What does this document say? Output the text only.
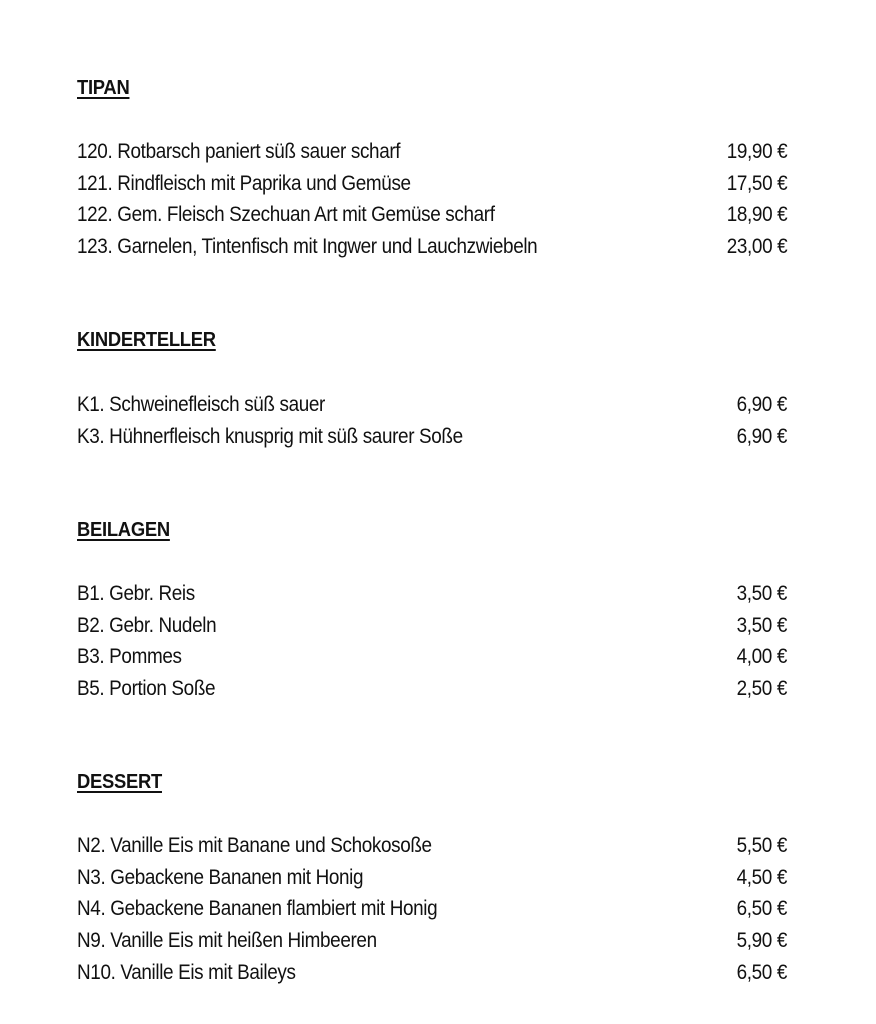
TIPAN
120. Rotbarsch paniert süß sauer scharf	19,90 €
121. Rindfleisch mit Paprika und Gemüse	17,50 €
122. Gem. Fleisch Szechuan Art mit Gemüse scharf	18,90 €
123. Garnelen, Tintenfisch mit Ingwer und Lauchzwiebeln	23,00 €
KINDERTELLER
K1. Schweinefleisch süß sauer	6,90 €
K3. Hühnerfleisch knusprig mit süß saurer Soße	6,90 €
BEILAGEN
B1. Gebr. Reis	3,50 €
B2. Gebr. Nudeln	3,50 €
B3. Pommes	4,00 €
B5. Portion Soße	2,50 €
DESSERT
N2. Vanille Eis mit Banane und Schokosoße	5,50 €
N3. Gebackene Bananen mit Honig	4,50 €
N4. Gebackene Bananen flambiert mit Honig	6,50 €
N9. Vanille Eis mit heißen Himbeeren	5,90 €
N10. Vanille Eis mit Baileys	6,50 €
